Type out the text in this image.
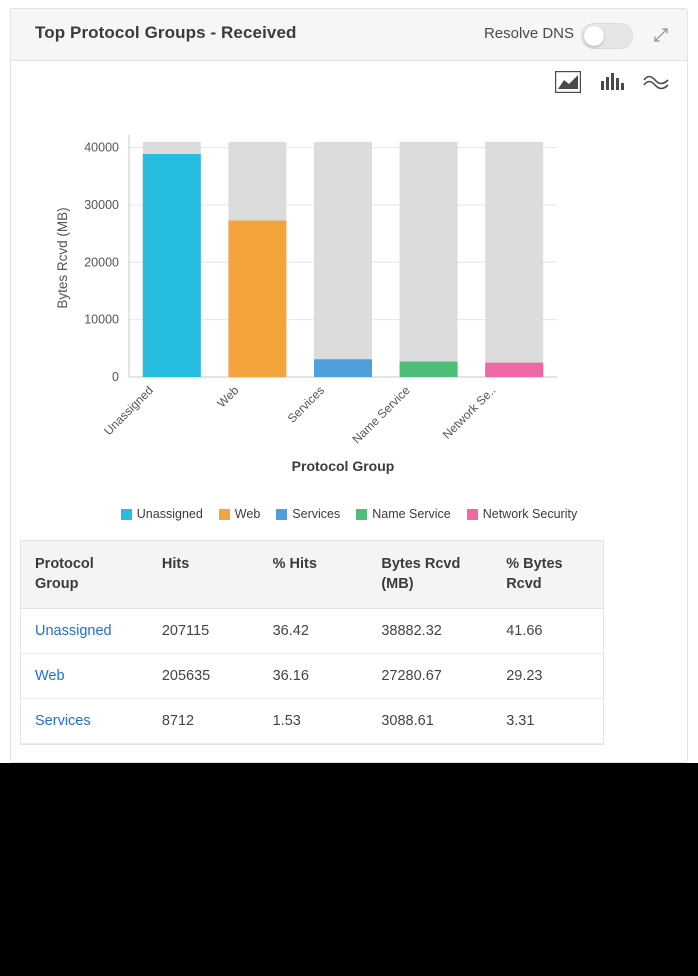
Top Protocol Groups - Received	Resolve DNS
0
10000
20000
30000
40000
Unassigned	Web	Services Name Service Network Se..
Bytes Rcvd (MB)
Protocol Group
Unassigned	Web	Services	Name Service	Network Security
Protocol Group	Hits	% Hits	Bytes Rcvd (MB)	% Bytes Rcvd
Unassigned	207115	36.42	38882.32	41.66
Web	205635	36.16	27280.67	29.23
Services	8712	1.53	3088.61	3.31
